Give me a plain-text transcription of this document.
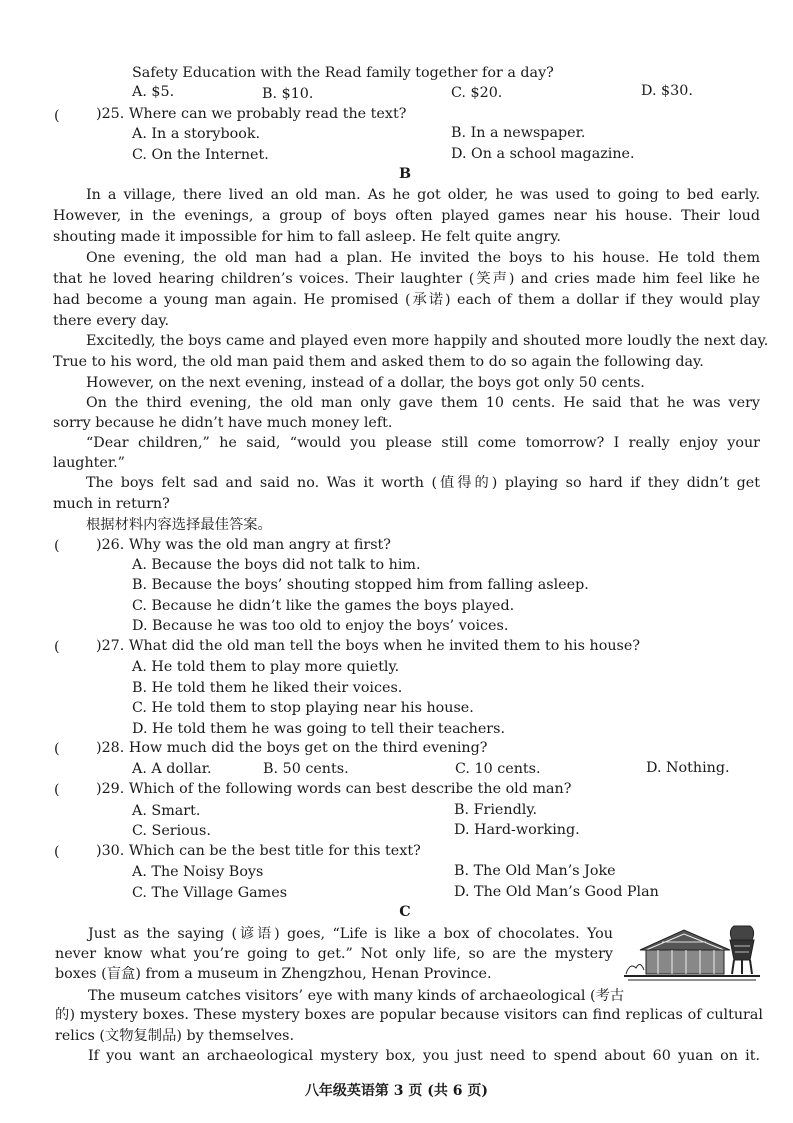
Safety Education with the Read family together for a day?
A. $5.	B. $10.	C. $20.	D. $30.
(	)25. Where can we probably read the text?
A. In a storybook.	B. In a newspaper.
C. On the Internet.	D. On a school magazine.
B
In a village, there lived an old man. As he got older, he was used to going to bed early.
However, in the evenings, a group of boys often played games near his house. Their loud
shouting made it impossible for him to fall asleep. He felt quite angry.
One evening, the old man had a plan. He invited the boys to his house. He told them
that he loved hearing children’s voices. Their laughter (笑声) and cries made him feel like he
had become a young man again. He promised (承诺) each of them a dollar if they would play
there every day.
Excitedly, the boys came and played even more happily and shouted more loudly the next day.
True to his word, the old man paid them and asked them to do so again the following day.
However, on the next evening, instead of a dollar, the boys got only 50 cents.
On the third evening, the old man only gave them 10 cents. He said that he was very
sorry because he didn’t have much money left.
“Dear children,” he said, “would you please still come tomorrow? I really enjoy your
laughter.”
The boys felt sad and said no. Was it worth (值得的) playing so hard if they didn’t get
much in return?
根据材料内容选择最佳答案。
(	)26. Why was the old man angry at first?
A. Because the boys did not talk to him.
B. Because the boys’ shouting stopped him from falling asleep.
C. Because he didn’t like the games the boys played.
D. Because he was too old to enjoy the boys’ voices.
(	)27. What did the old man tell the boys when he invited them to his house?
A. He told them to play more quietly.
B. He told them he liked their voices.
C. He told them to stop playing near his house.
D. He told them he was going to tell their teachers.
(	)28. How much did the boys get on the third evening?
A. A dollar.	B. 50 cents.	C. 10 cents.	D. Nothing.
(	)29. Which of the following words can best describe the old man?
A. Smart.	B. Friendly.
C. Serious.	D. Hard-working.
(	)30. Which can be the best title for this text?
A. The Noisy Boys	B. The Old Man’s Joke
C. The Village Games	D. The Old Man’s Good Plan
C
Just as the saying (谚语) goes, “Life is like a box of chocolates. You
never know what you’re going to get.” Not only life, so are the mystery
boxes (盲盒) from a museum in Zhengzhou, Henan Province.
The museum catches visitors’ eye with many kinds of archaeological (考古
的) mystery boxes. These mystery boxes are popular because visitors can find replicas of cultural
relics (文物复制品) by themselves.
If you want an archaeological mystery box, you just need to spend about 60 yuan on it.
八年级英语第 3 页 (共 6 页)
